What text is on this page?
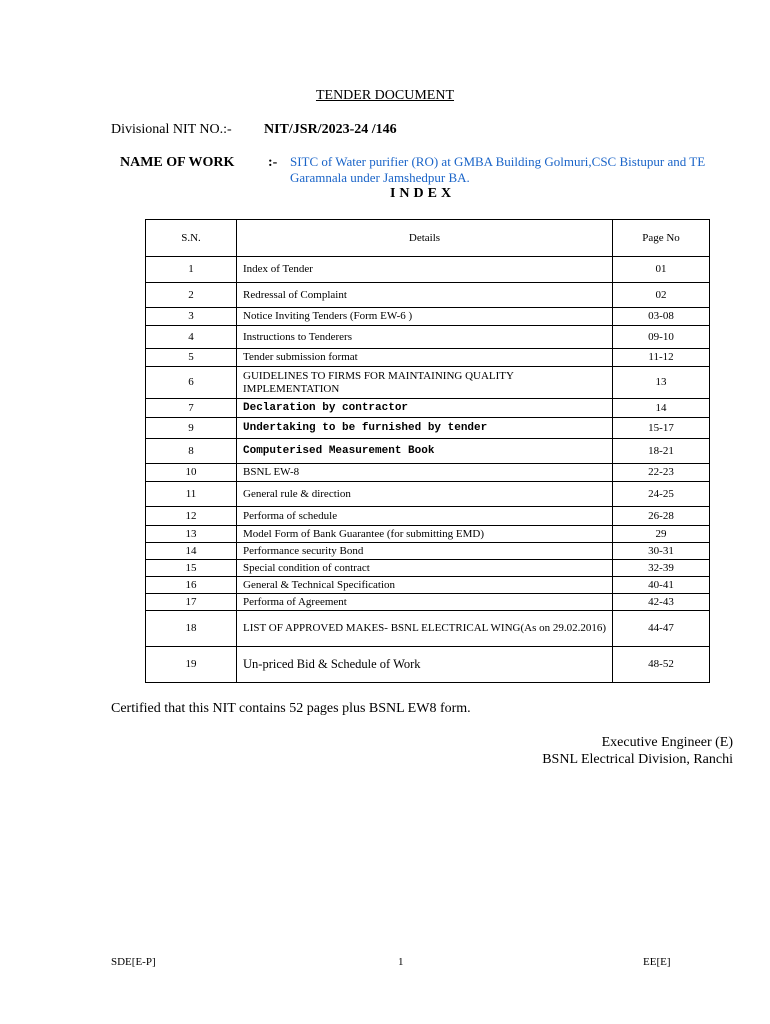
TENDER DOCUMENT
Divisional NIT NO.:- NIT/JSR/2023-24 /146
NAME OF WORK :- SITC of Water purifier (RO) at GMBA Building Golmuri,CSC Bistupur and TE Garamnala under Jamshedpur BA.
INDEX
S.N.	Details	Page No
1	Index of Tender	01
2	Redressal of Complaint	02
3	Notice Inviting Tenders (Form EW-6 )	03-08
4	Instructions to Tenderers	09-10
5	Tender submission format	11-12
6	GUIDELINES TO FIRMS FOR MAINTAINING QUALITY IMPLEMENTATION	13
7	Declaration by contractor	14
9	Undertaking to be furnished by tender	15-17
8	Computerised Measurement Book	18-21
10	BSNL EW-8	22-23
11	General rule & direction	24-25
12	Performa of schedule	26-28
13	Model Form of Bank Guarantee (for submitting EMD)	29
14	Performance security Bond	30-31
15	Special condition of contract	32-39
16	General & Technical Specification	40-41
17	Performa of Agreement	42-43
18	LIST OF APPROVED MAKES- BSNL ELECTRICAL WING(As on 29.02.2016)	44-47
19	Un-priced Bid & Schedule of Work	48-52
Certified that this NIT contains 52 pages plus BSNL EW8 form.
Executive Engineer (E)
BSNL Electrical Division, Ranchi
SDE[E-P]	1	EE[E]
